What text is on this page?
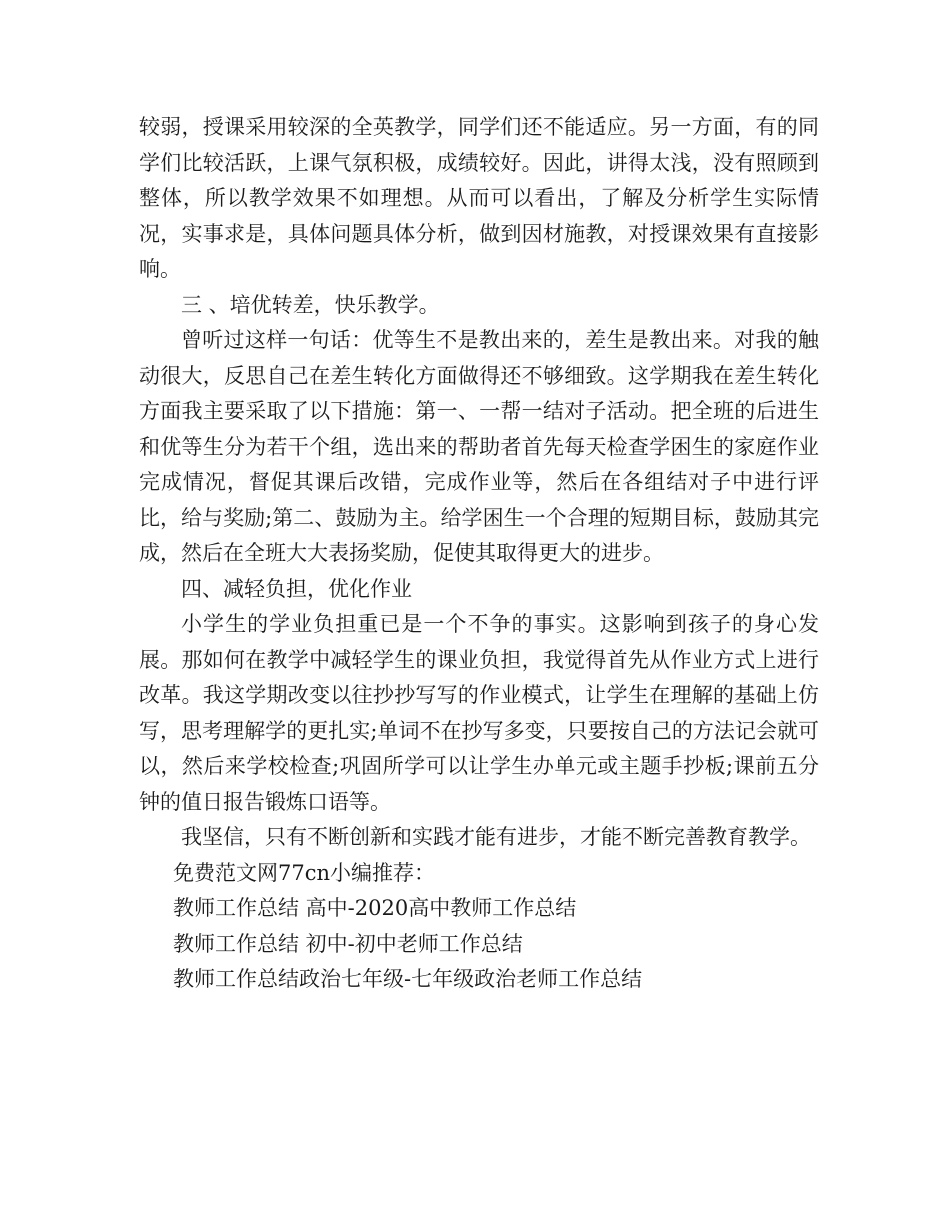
较弱，授课采用较深的全英教学，同学们还不能适应。另一方面，有的同学们比较活跃，上课气氛积极，成绩较好。因此，讲得太浅，没有照顾到整体，所以教学效果不如理想。从而可以看出，了解及分析学生实际情况，实事求是，具体问题具体分析，做到因材施教，对授课效果有直接影响。

三 、培优转差，快乐教学。

曾听过这样一句话：优等生不是教出来的，差生是教出来。对我的触动很大，反思自己在差生转化方面做得还不够细致。这学期我在差生转化方面我主要采取了以下措施：第一、一帮一结对子活动。把全班的后进生和优等生分为若干个组，选出来的帮助者首先每天检查学困生的家庭作业完成情况，督促其课后改错，完成作业等，然后在各组结对子中进行评比，给与奖励;第二、鼓励为主。给学困生一个合理的短期目标，鼓励其完成，然后在全班大大表扬奖励，促使其取得更大的进步。

四、减轻负担，优化作业

小学生的学业负担重已是一个不争的事实。这影响到孩子的身心发展。那如何在教学中减轻学生的课业负担，我觉得首先从作业方式上进行改革。我这学期改变以往抄抄写写的作业模式，让学生在理解的基础上仿写，思考理解学的更扎实;单词不在抄写多变，只要按自己的方法记会就可以，然后来学校检查;巩固所学可以让学生办单元或主题手抄板;课前五分钟的值日报告锻炼口语等。

我坚信，只有不断创新和实践才能有进步，才能不断完善教育教学。

免费范文网77cn小编推荐：

教师工作总结 高中-2020高中教师工作总结

教师工作总结 初中-初中老师工作总结

教师工作总结政治七年级-七年级政治老师工作总结
